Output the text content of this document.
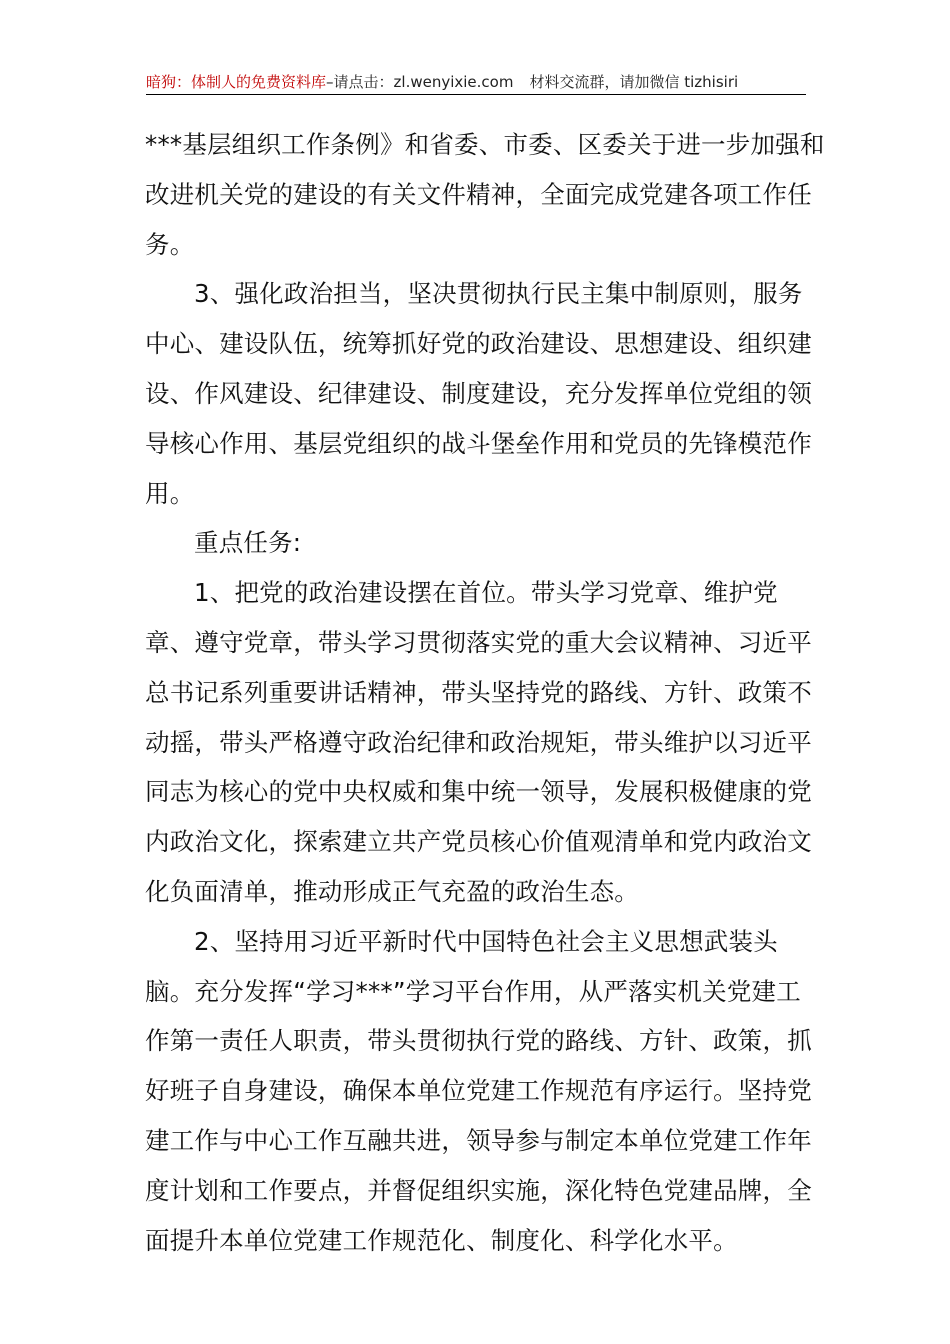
暗狗：体制人的免费资料库–请点击：zl.wenyixie.com 材料交流群，请加微信 tizhisiri

***基层组织工作条例》和省委、市委、区委关于进一步加强和改进机关党的建设的有关文件精神，全面完成党建各项工作任务。

3、强化政治担当，坚决贯彻执行民主集中制原则，服务中心、建设队伍，统筹抓好党的政治建设、思想建设、组织建设、作风建设、纪律建设、制度建设，充分发挥单位党组的领导核心作用、基层党组织的战斗堡垒作用和党员的先锋模范作用。

重点任务:

1、把党的政治建设摆在首位。带头学习党章、维护党章、遵守党章，带头学习贯彻落实党的重大会议精神、习近平总书记系列重要讲话精神，带头坚持党的路线、方针、政策不动摇，带头严格遵守政治纪律和政治规矩，带头维护以习近平同志为核心的党中央权威和集中统一领导，发展积极健康的党内政治文化，探索建立共产党员核心价值观清单和党内政治文化负面清单，推动形成正气充盈的政治生态。

2、坚持用习近平新时代中国特色社会主义思想武装头脑。充分发挥“学习***”学习平台作用，从严落实机关党建工作第一责任人职责，带头贯彻执行党的路线、方针、政策，抓好班子自身建设，确保本单位党建工作规范有序运行。坚持党建工作与中心工作互融共进，领导参与制定本单位党建工作年度计划和工作要点，并督促组织实施，深化特色党建品牌，全面提升本单位党建工作规范化、制度化、科学化水平。
